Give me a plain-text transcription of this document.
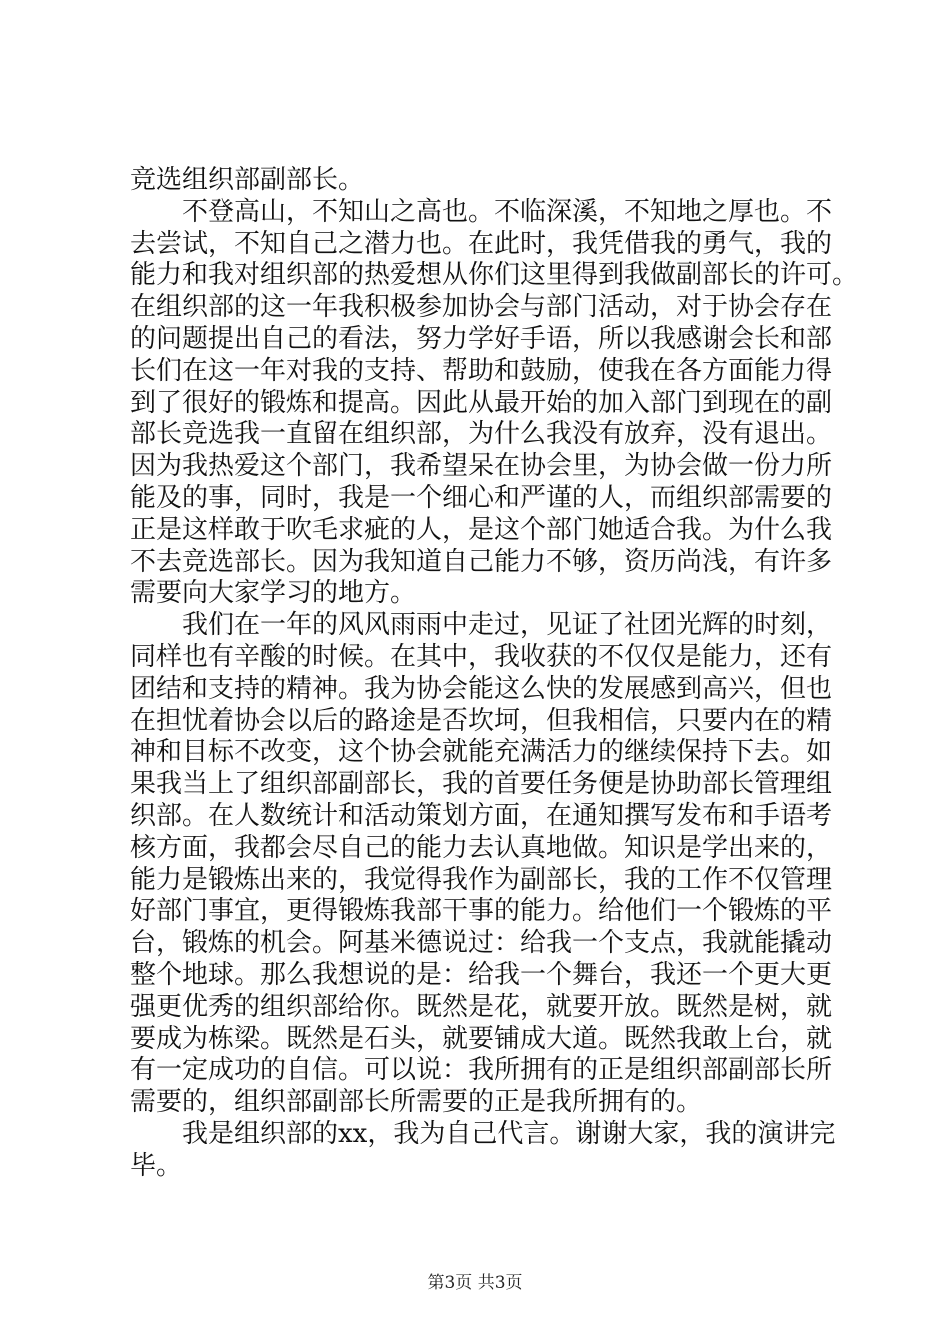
竞选组织部副部长。
不登高山，不知山之高也。不临深溪，不知地之厚也。不
去尝试，不知自己之潜力也。在此时，我凭借我的勇气，我的
能力和我对组织部的热爱想从你们这里得到我做副部长的许可。
在组织部的这一年我积极参加协会与部门活动，对于协会存在
的问题提出自己的看法，努力学好手语，所以我感谢会长和部
长们在这一年对我的支持、帮助和鼓励，使我在各方面能力得
到了很好的锻炼和提高。因此从最开始的加入部门到现在的副
部长竞选我一直留在组织部，为什么我没有放弃，没有退出。
因为我热爱这个部门，我希望呆在协会里，为协会做一份力所
能及的事，同时，我是一个细心和严谨的人，而组织部需要的
正是这样敢于吹毛求疵的人，是这个部门她适合我。为什么我
不去竞选部长。因为我知道自己能力不够，资历尚浅，有许多
需要向大家学习的地方。
我们在一年的风风雨雨中走过，见证了社团光辉的时刻，
同样也有辛酸的时候。在其中，我收获的不仅仅是能力，还有
团结和支持的精神。我为协会能这么快的发展感到高兴，但也
在担忧着协会以后的路途是否坎坷，但我相信，只要内在的精
神和目标不改变，这个协会就能充满活力的继续保持下去。如
果我当上了组织部副部长，我的首要任务便是协助部长管理组
织部。在人数统计和活动策划方面，在通知撰写发布和手语考
核方面，我都会尽自己的能力去认真地做。知识是学出来的，
能力是锻炼出来的，我觉得我作为副部长，我的工作不仅管理
好部门事宜，更得锻炼我部干事的能力。给他们一个锻炼的平
台，锻炼的机会。阿基米德说过：给我一个支点，我就能撬动
整个地球。那么我想说的是：给我一个舞台，我还一个更大更
强更优秀的组织部给你。既然是花，就要开放。既然是树，就
要成为栋梁。既然是石头，就要铺成大道。既然我敢上台，就
有一定成功的自信。可以说：我所拥有的正是组织部副部长所
需要的，组织部副部长所需要的正是我所拥有的。
我是组织部的xx，我为自己代言。谢谢大家，我的演讲完
毕。
第3页 共3页
